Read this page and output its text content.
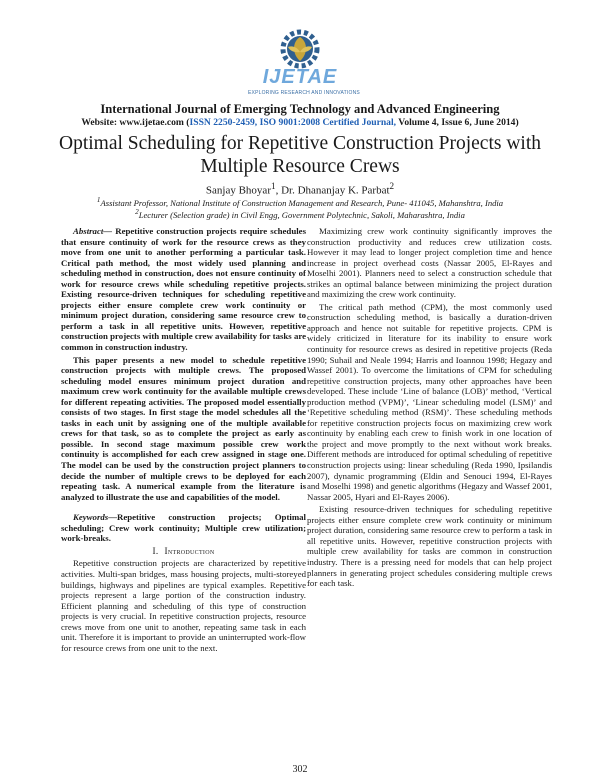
IJETAE
EXPLORING RESEARCH AND INNOVATIONS
International Journal of Emerging Technology and Advanced Engineering
Website: www.ijetae.com (ISSN 2250-2459, ISO 9001:2008 Certified Journal, Volume 4, Issue 6, June 2014)
Optimal Scheduling for Repetitive Construction Projects with Multiple Resource Crews
Sanjay Bhoyar$^1$, Dr. Dhananjay K. Parbat$^2$
$^1$Assistant Professor, National Institute of Construction Management and Research, Pune- 411045, Mahanshtra, India
$^2$Lecturer (Selection grade) in Civil Engg, Government Polytechnic, Sakoli, Maharashtra, India

Abstract— Repetitive construction projects require schedules that ensure continuity of work for the resource crews as they move from one unit to another performing a particular task. Critical path method, the most widely used planning and scheduling method in construction, does not ensure continuity of work for resource crews while scheduling repetitive projects. Existing resource-driven techniques for scheduling repetitive projects either ensure complete crew work continuity or minimum project duration, considering same resource crew to perform a task in all repetitive units. However, repetitive construction projects with multiple crew availability for tasks are common in construction industry.

This paper presents a new model to schedule repetitive construction projects with multiple crews. The proposed scheduling model ensures minimum project duration and maximum crew work continuity for the available multiple crews for different repeating activities. The proposed model essentially consists of two stages. In first stage the model schedules all the tasks in each unit by assigning one of the multiple available crews for that task, so as to complete the project as early as possible. In second stage maximum possible crew work continuity is accomplished for each crew assigned in stage one. The model can be used by the construction project planners to decide the number of multiple crews to be deployed for each repeating task. A numerical example from the literature is analyzed to illustrate the use and capabilities of the model.

Keywords—Repetitive construction projects; Optimal scheduling; Crew work continuity; Multiple crew utilization; work-breaks.

I. Introduction

Repetitive construction projects are characterized by repetitive activities. Multi-span bridges, mass housing projects, multi-storeyed buildings, highways and pipelines are typical examples. Repetitive projects represent a large portion of the construction industry. Efficient planning and scheduling of this type of construction projects is very crucial. In repetitive construction projects, resource crews move from one unit to another, repeating same task in each unit. Therefore it is important to provide an uninterrupted work-flow for resource crews from one unit to the next.

Maximizing crew work continuity significantly improves the construction productivity and reduces crew utilization costs. However it may lead to longer project completion time and hence increase in project overhead costs (Nassar 2005, El-Rayes and Moselhi 2001). Planners need to select a construction schedule that strikes an optimal balance between minimizing the project duration and maximizing the crew work continuity.

The critical path method (CPM), the most commonly used construction scheduling method, is basically a duration-driven approach and hence not suitable for repetitive projects. CPM is widely criticized in literature for its inability to ensure work continuity for resource crews as desired in repetitive projects (Reda 1990; Suhail and Neale 1994; Harris and Ioannou 1998; Hegazy and Wassef 2001). To overcome the limitations of CPM for scheduling repetitive construction projects, many other approaches have been developed. These include ‘Line of balance (LOB)’ method, ‘Vertical production method (VPM)’, ‘Linear scheduling model (LSM)’ and ‘Repetitive scheduling method (RSM)’. These scheduling methods for repetitive construction projects focus on maximizing crew work continuity by enabling each crew to finish work in one location of the project and move promptly to the next without work breaks. Different methods are introduced for optimal scheduling of repetitive construction projects using: linear scheduling (Reda 1990, Ipsilandis 2007), dynamic programming (Eldin and Senouci 1994, El-Rayes and Moselhi 1998) and genetic algorithms (Hegazy and Wassef 2001, Nassar 2005, Hyari and El-Rayes 2006).

Existing resource-driven techniques for scheduling repetitive projects either ensure complete crew work continuity or minimum project duration, considering same resource crew to perform a task in all repetitive units. However, repetitive construction projects with multiple crew availability for tasks are common in construction industry. There is a pressing need for models that can help project planners in generating project schedules considering multiple crews for each task.

302
